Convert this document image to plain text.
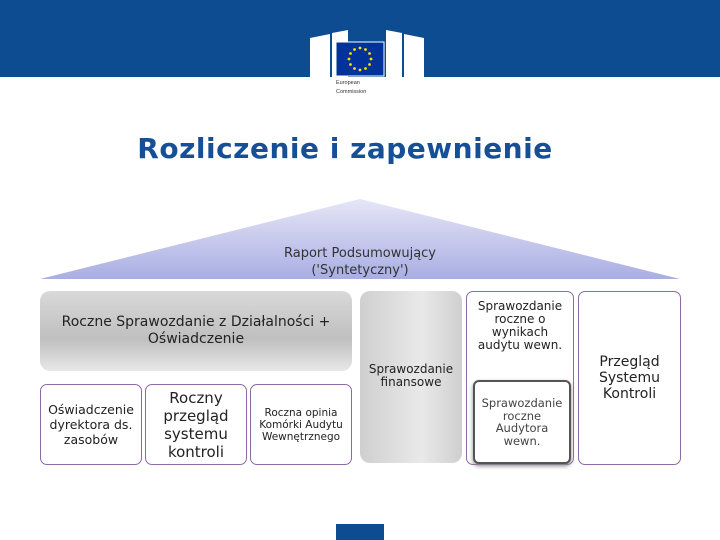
European
Commission
Rozliczenie i zapewnienie
Raport Podsumowujący
('Syntetyczny')
Roczne Sprawozdanie z Działalności +
Oświadczenie
Sprawozdanie
finansowe
Oświadczenie
dyrektora ds.
zasobów
Roczny
przegląd
systemu
kontroli
Roczna opinia
Komórki Audytu
Wewnętrznego
Sprawozdanie
roczne o
wynikach
audytu wewn.
Sprawozdanie
roczne
Audytora
wewn.
Przegląd
Systemu
Kontroli
